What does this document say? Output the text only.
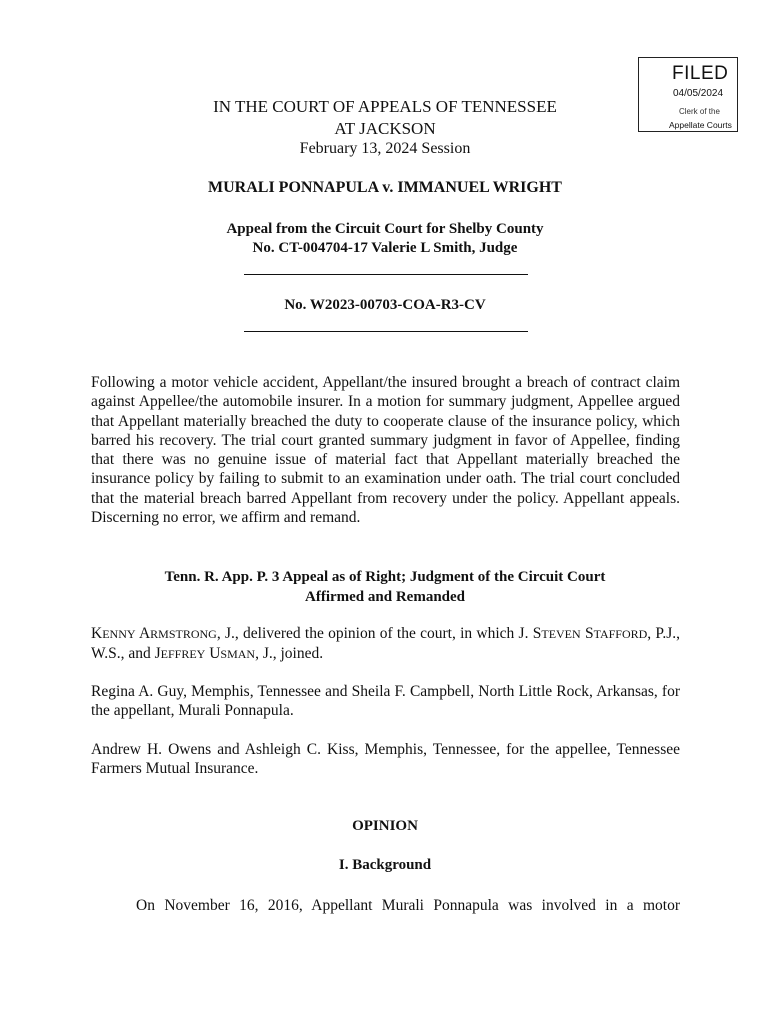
FILED
04/05/2024
Clerk of the
Appellate Courts
IN THE COURT OF APPEALS OF TENNESSEE
AT JACKSON
February 13, 2024 Session
MURALI PONNAPULA v. IMMANUEL WRIGHT
Appeal from the Circuit Court for Shelby County
No. CT-004704-17 Valerie L Smith, Judge
No. W2023-00703-COA-R3-CV
Following a motor vehicle accident, Appellant/the insured brought a breach of contract claim against Appellee/the automobile insurer. In a motion for summary judgment, Appellee argued that Appellant materially breached the duty to cooperate clause of the insurance policy, which barred his recovery. The trial court granted summary judgment in favor of Appellee, finding that there was no genuine issue of material fact that Appellant materially breached the insurance policy by failing to submit to an examination under oath. The trial court concluded that the material breach barred Appellant from recovery under the policy. Appellant appeals. Discerning no error, we affirm and remand.
Tenn. R. App. P. 3 Appeal as of Right; Judgment of the Circuit Court
Affirmed and Remanded
KENNY ARMSTRONG, J., delivered the opinion of the court, in which J. STEVEN STAFFORD, P.J., W.S., and JEFFREY USMAN, J., joined.
Regina A. Guy, Memphis, Tennessee and Sheila F. Campbell, North Little Rock, Arkansas, for the appellant, Murali Ponnapula.
Andrew H. Owens and Ashleigh C. Kiss, Memphis, Tennessee, for the appellee, Tennessee Farmers Mutual Insurance.
OPINION
I. Background
On November 16, 2016, Appellant Murali Ponnapula was involved in a motor
